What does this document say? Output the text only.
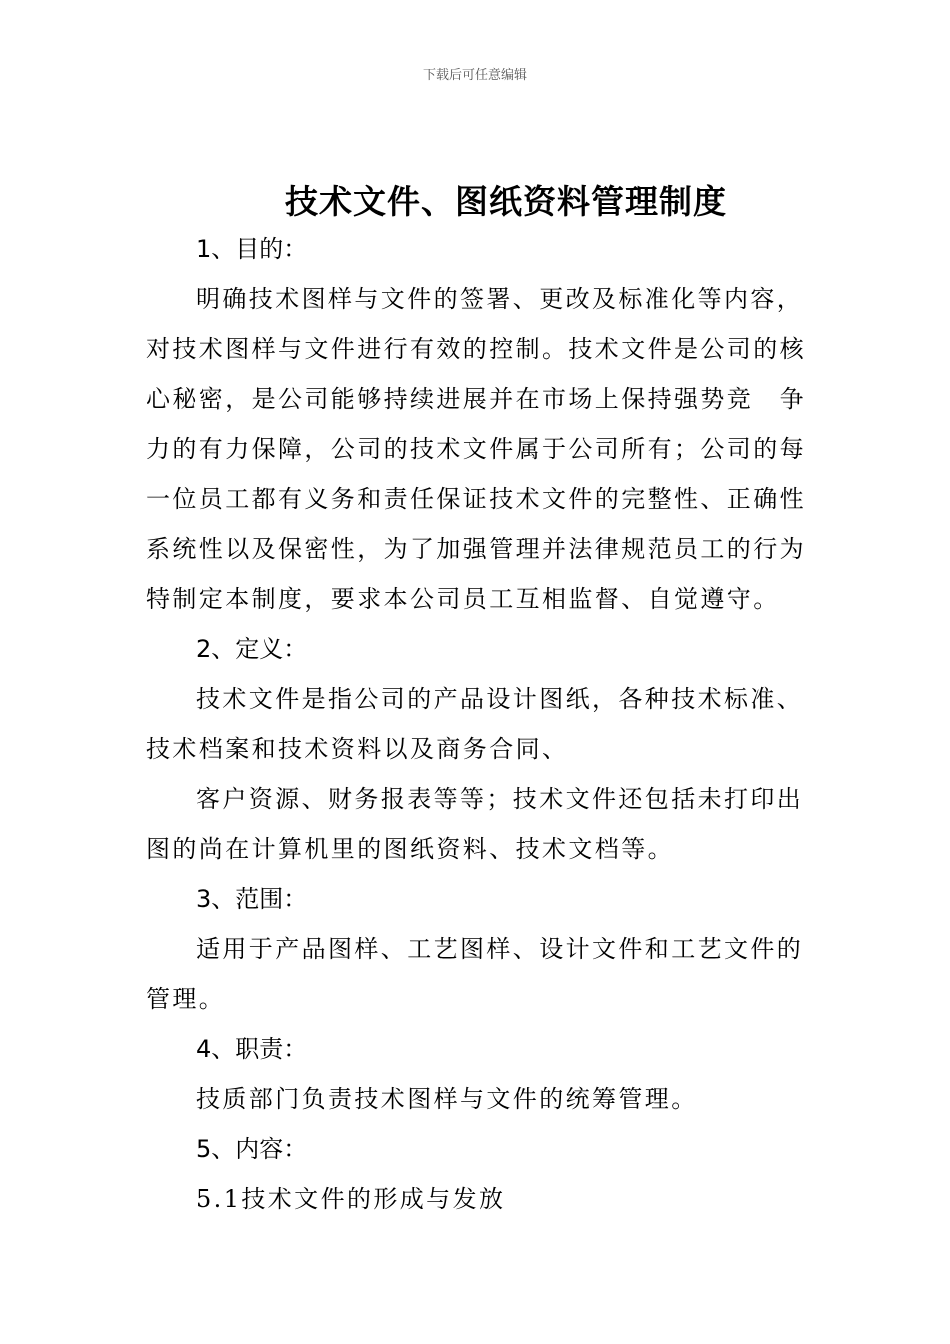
下载后可任意编辑
技术文件、图纸资料管理制度
1、目的：
明确技术图样与文件的签署、更改及标准化等内容，
对技术图样与文件进行有效的控制。技术文件是公司的核
心秘密，是公司能够持续进展并在市场上保持强势竞　争
力的有力保障，公司的技术文件属于公司所有；公司的每
一位员工都有义务和责任保证技术文件的完整性、正确性
系统性以及保密性，为了加强管理并法律规范员工的行为
特制定本制度，要求本公司员工互相监督、自觉遵守。
2、定义：
技术文件是指公司的产品设计图纸，各种技术标准、
技术档案和技术资料以及商务合同、
客户资源、财务报表等等；技术文件还包括未打印出
图的尚在计算机里的图纸资料、技术文档等。
3、范围：
适用于产品图样、工艺图样、设计文件和工艺文件的
管理。
4、职责：
技质部门负责技术图样与文件的统筹管理。
5、内容：
5.1技术文件的形成与发放
